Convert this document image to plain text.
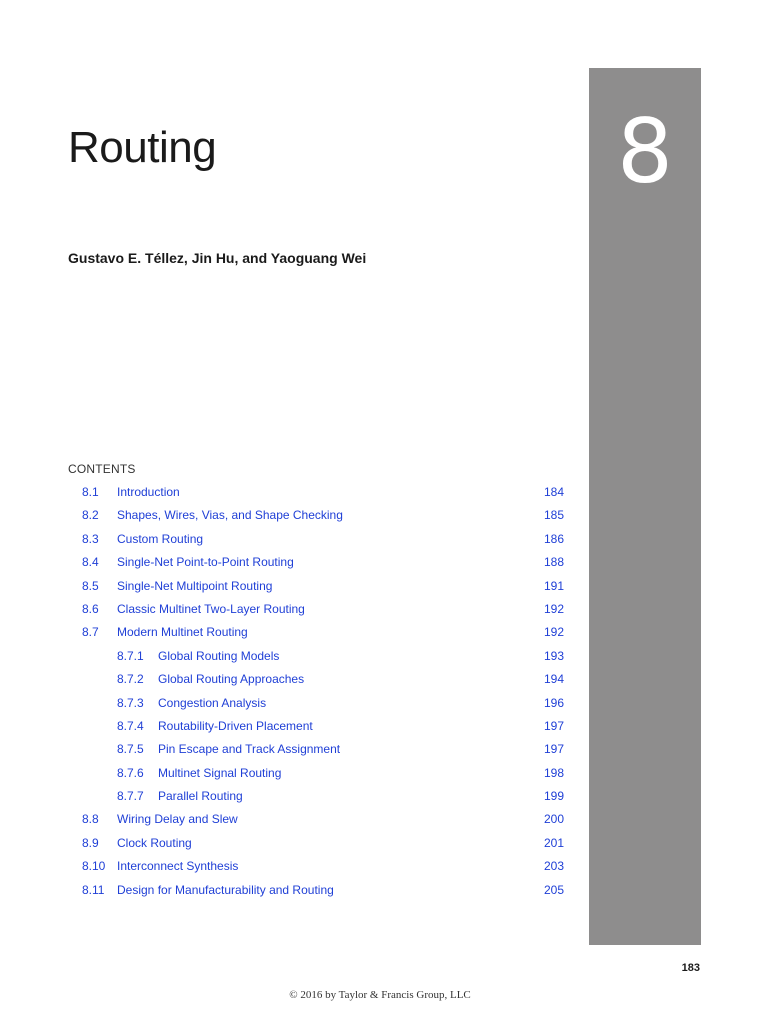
8
Routing
Gustavo E. Téllez, Jin Hu, and Yaoguang Wei
CONTENTS
8.1 Introduction	184
8.2 Shapes, Wires, Vias, and Shape Checking	185
8.3 Custom Routing	186
8.4 Single-Net Point-to-Point Routing	188
8.5 Single-Net Multipoint Routing	191
8.6 Classic Multinet Two-Layer Routing	192
8.7 Modern Multinet Routing	192
8.7.1 Global Routing Models	193
8.7.2 Global Routing Approaches	194
8.7.3 Congestion Analysis	196
8.7.4 Routability-Driven Placement	197
8.7.5 Pin Escape and Track Assignment	197
8.7.6 Multinet Signal Routing	198
8.7.7 Parallel Routing	199
8.8 Wiring Delay and Slew	200
8.9 Clock Routing	201
8.10 Interconnect Synthesis	203
8.11 Design for Manufacturability and Routing	205
183
© 2016 by Taylor & Francis Group, LLC
